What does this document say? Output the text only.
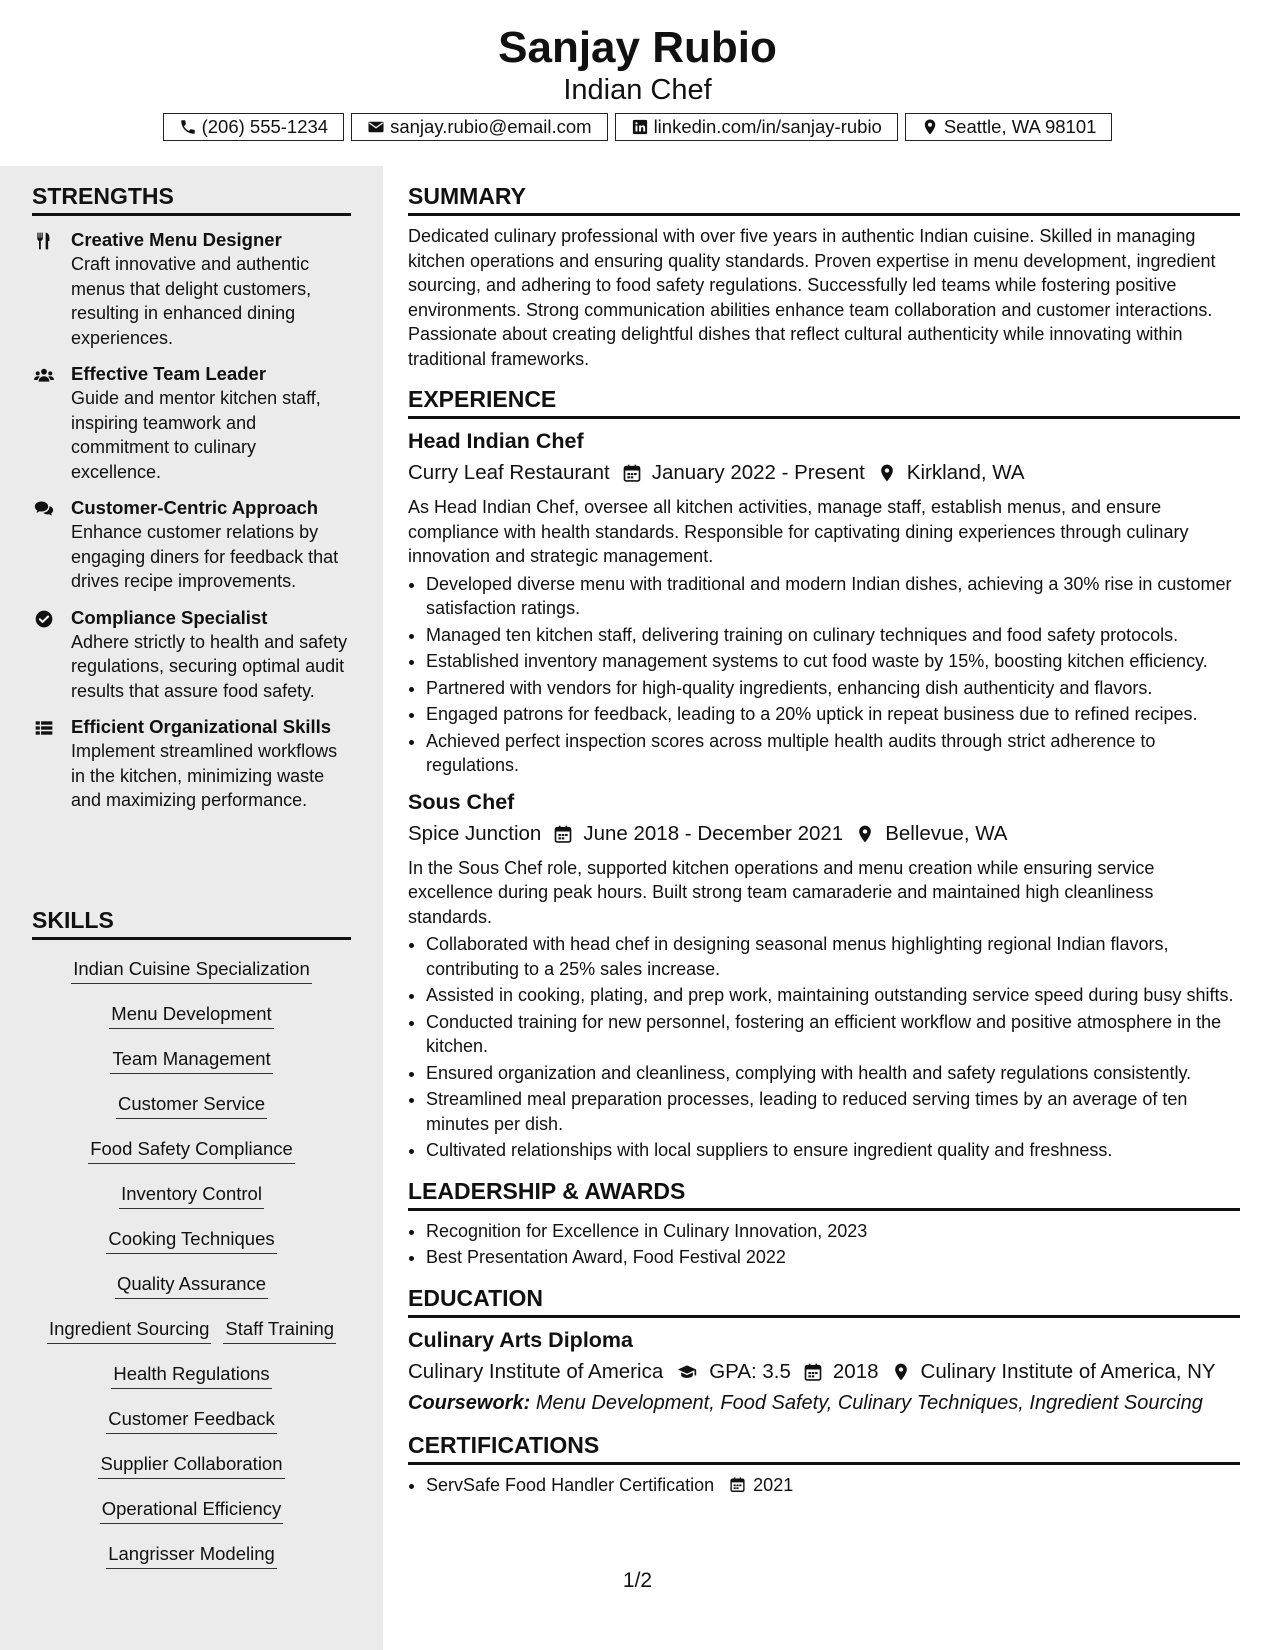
Sanjay Rubio
Indian Chef
(206) 555-1234	sanjay.rubio@email.com	linkedin.com/in/sanjay-rubio	Seattle, WA 98101
STRENGTHS
Creative Menu Designer
Craft innovative and authentic menus that delight customers, resulting in enhanced dining experiences.
Effective Team Leader
Guide and mentor kitchen staff, inspiring teamwork and commitment to culinary excellence.
Customer-Centric Approach
Enhance customer relations by engaging diners for feedback that drives recipe improvements.
Compliance Specialist
Adhere strictly to health and safety regulations, securing optimal audit results that assure food safety.
Efficient Organizational Skills
Implement streamlined workflows in the kitchen, minimizing waste and maximizing performance.
SKILLS
Indian Cuisine Specialization
Menu Development
Team Management
Customer Service
Food Safety Compliance
Inventory Control
Cooking Techniques
Quality Assurance
Ingredient Sourcing Staff Training
Health Regulations
Customer Feedback
Supplier Collaboration
Operational Efficiency
Langrisser Modeling
SUMMARY
Dedicated culinary professional with over five years in authentic Indian cuisine. Skilled in managing kitchen operations and ensuring quality standards. Proven expertise in menu development, ingredient sourcing, and adhering to food safety regulations. Successfully led teams while fostering positive environments. Strong communication abilities enhance team collaboration and customer interactions. Passionate about creating delightful dishes that reflect cultural authenticity while innovating within traditional frameworks.
EXPERIENCE
Head Indian Chef
Curry Leaf Restaurant January 2022 - Present Kirkland, WA
As Head Indian Chef, oversee all kitchen activities, manage staff, establish menus, and ensure compliance with health standards. Responsible for captivating dining experiences through culinary innovation and strategic management.
• Developed diverse menu with traditional and modern Indian dishes, achieving a 30% rise in customer satisfaction ratings.
• Managed ten kitchen staff, delivering training on culinary techniques and food safety protocols.
• Established inventory management systems to cut food waste by 15%, boosting kitchen efficiency.
• Partnered with vendors for high-quality ingredients, enhancing dish authenticity and flavors.
• Engaged patrons for feedback, leading to a 20% uptick in repeat business due to refined recipes.
• Achieved perfect inspection scores across multiple health audits through strict adherence to regulations.
Sous Chef
Spice Junction June 2018 - December 2021 Bellevue, WA
In the Sous Chef role, supported kitchen operations and menu creation while ensuring service excellence during peak hours. Built strong team camaraderie and maintained high cleanliness standards.
• Collaborated with head chef in designing seasonal menus highlighting regional Indian flavors, contributing to a 25% sales increase.
• Assisted in cooking, plating, and prep work, maintaining outstanding service speed during busy shifts.
• Conducted training for new personnel, fostering an efficient workflow and positive atmosphere in the kitchen.
• Ensured organization and cleanliness, complying with health and safety regulations consistently.
• Streamlined meal preparation processes, leading to reduced serving times by an average of ten minutes per dish.
• Cultivated relationships with local suppliers to ensure ingredient quality and freshness.
LEADERSHIP & AWARDS
• Recognition for Excellence in Culinary Innovation, 2023
• Best Presentation Award, Food Festival 2022
EDUCATION
Culinary Arts Diploma
Culinary Institute of America GPA: 3.5 2018 Culinary Institute of America, NY
Coursework: Menu Development, Food Safety, Culinary Techniques, Ingredient Sourcing
CERTIFICATIONS
• ServSafe Food Handler Certification 2021
1/2
